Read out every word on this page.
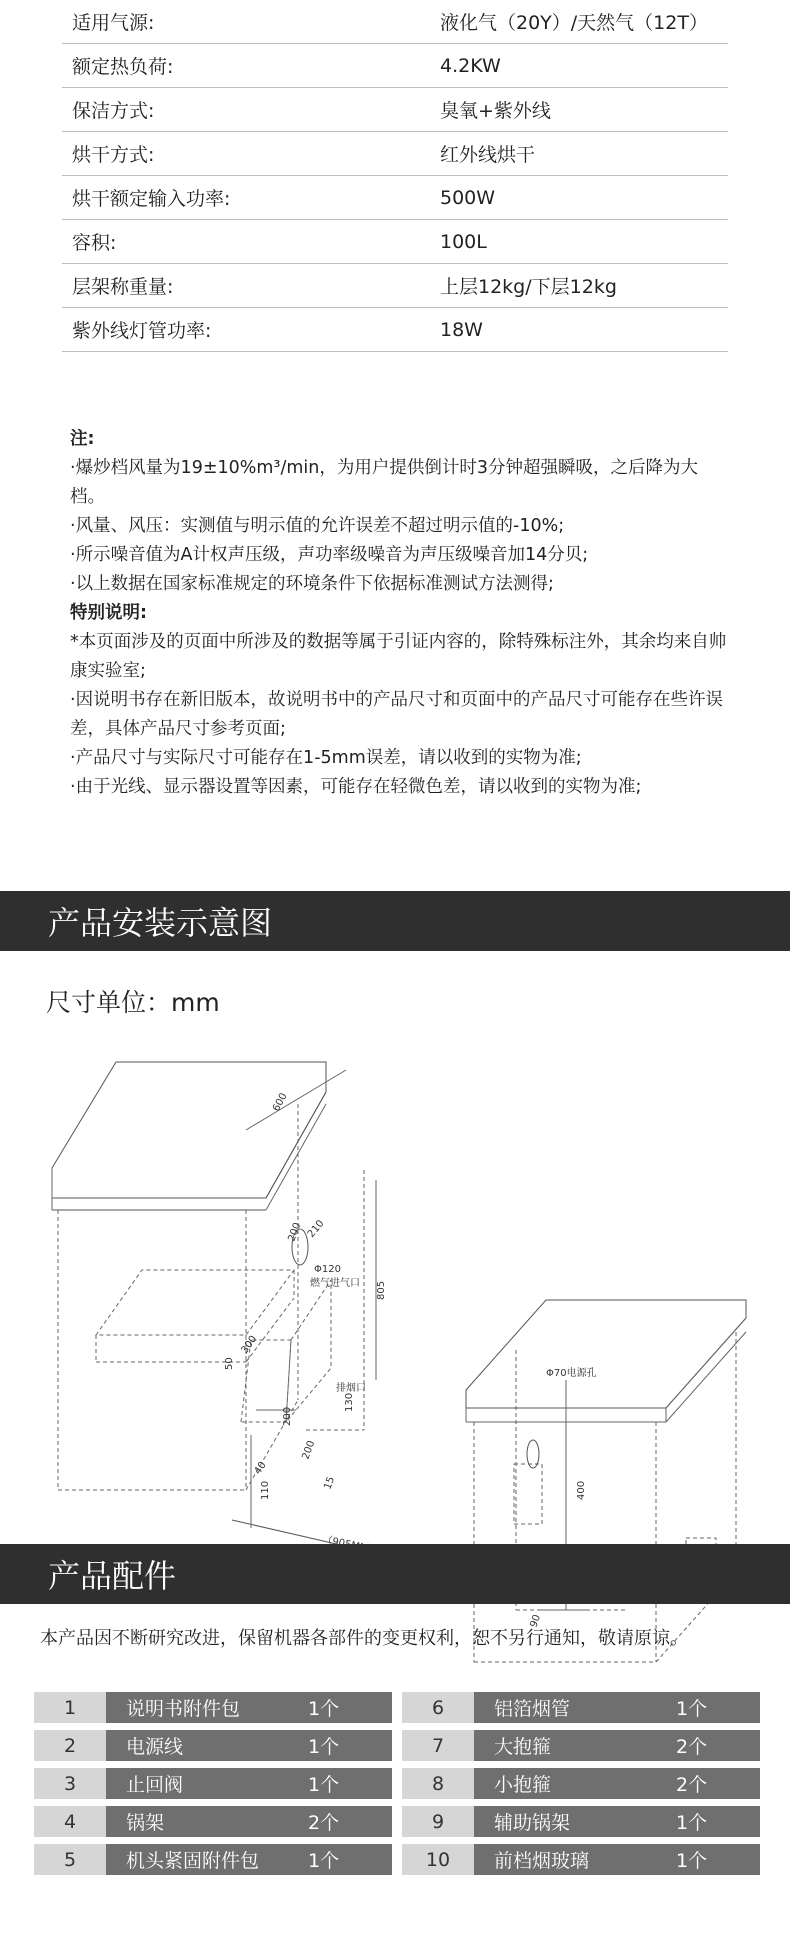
适用气源:	液化气（20Y）/天然气（12T）
额定热负荷:	4.2KW
保洁方式:	臭氧+紫外线
烘干方式:	红外线烘干
烘干额定输入功率:	500W
容积:	100L
层架称重量:	上层12kg/下层12kg
紫外线灯管功率:	18W

注:

·爆炒档风量为19±10%m³/min，为用户提供倒计时3分钟超强瞬吸，之后降为大档。

·风量、风压：实测值与明示值的允许误差不超过明示值的-10%;

·所示噪音值为A计权声压级，声功率级噪音为声压级噪音加14分贝;

·以上数据在国家标准规定的环境条件下依据标准测试方法测得;

特别说明:

*本页面涉及的页面中所涉及的数据等属于引证内容的，除特殊标注外，其余均来自帅康实验室;

·因说明书存在新旧版本，故说明书中的产品尺寸和页面中的产品尺寸可能存在些许误差，具体产品尺寸参考页面;

·产品尺寸与实际尺寸可能存在1-5mm误差，请以收到的实物为准;

·由于光线、显示器设置等因素，可能存在轻微色差，请以收到的实物为准;

产品安装示意图
尺寸单位：mm
600
805
200 210
Φ120
燃气进气口
50
300
排烟口
200
130
200
40
110	15
Φ70电源孔
400
90
产品配件
本产品因不断研究改进，保留机器各部件的变更权利，恕不另行通知，敬请原谅。
1	说明书附件包	1个
2	电源线	1个
3	止回阀	1个
4	锅架	2个
5	机头紧固附件包	1个
6	铝箔烟管	1个
7	大抱箍	2个
8	小抱箍	2个
9	辅助锅架	1个
10	前档烟玻璃	1个
